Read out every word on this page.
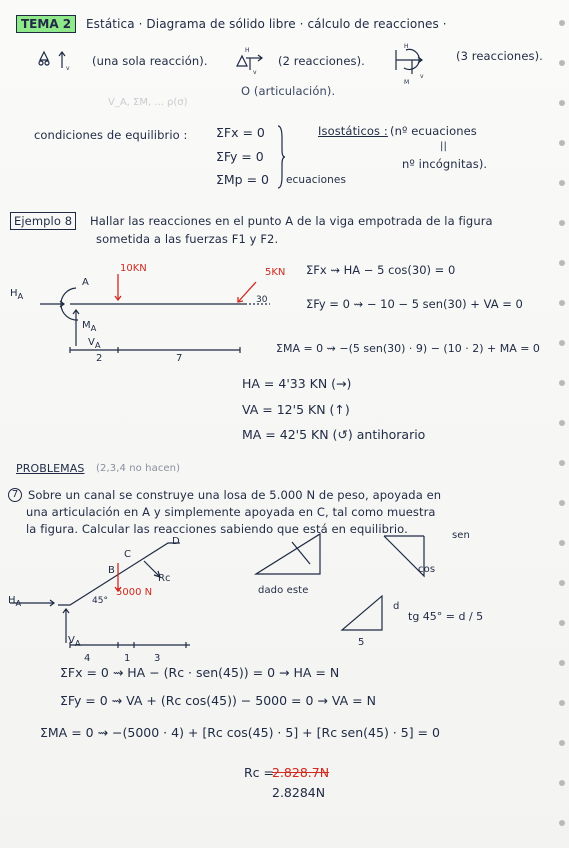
TEMA 2	Estática · Diagrama de sólido libre · cálculo de reacciones ·
v
(una sola reacción).
H
v
(2 reacciones).
H
M
v
(3 reacciones).
O (articulación).
V_A, ΣM, ... ρ(σ)
condiciones de equilibrio : ΣFx = 0
ΣFy = 0
ΣMp = 0 ecuaciones
Isostáticos : (nº ecuaciones
||
nº incógnitas).
Ejemplo 8	Hallar las reacciones en el punto A de la viga empotrada de la figura
sometida a las fuerzas F1 y F2.
$H_A$
A
$M_A$
$V_A$
10KN	5KN
30
2	7
ΣFx ⇝ HA − 5 cos(30) = 0
ΣFy = 0 ⇝ − 10 − 5 sen(30) + VA = 0
ΣMA = 0 ⇝ −(5 sen(30) · 9) − (10 · 2) + MA = 0
HA = 4'33 KN (→)
VA = 12'5 KN (↑)
MA = 42'5 KN (↺) antihorario
PROBLEMAS (2,3,4 no hacen)
7 Sobre un canal se construye una losa de 5.000 N de peso, apoyada en
una articulación en A y simplemente apoyada en C, tal como muestra
la figura. Calcular las reacciones sabiendo que está en equilibrio.
$H_A$
B
C
D
45°
5000 N
Rc
$V_A$
4	1 3
dado este
sen
cos
5
d
tg 45° = d / 5
ΣFx = 0 ⇝ HA − (Rc · sen(45)) = 0 → HA = N
ΣFy = 0 ⇝ VA + (Rc cos(45)) − 5000 = 0 → VA = N
ΣMA = 0 ⇝ −(5000 · 4) + [Rc cos(45) · 5] + [Rc sen(45) · 5] = 0
Rc =
2.828.7N
2.8284N
